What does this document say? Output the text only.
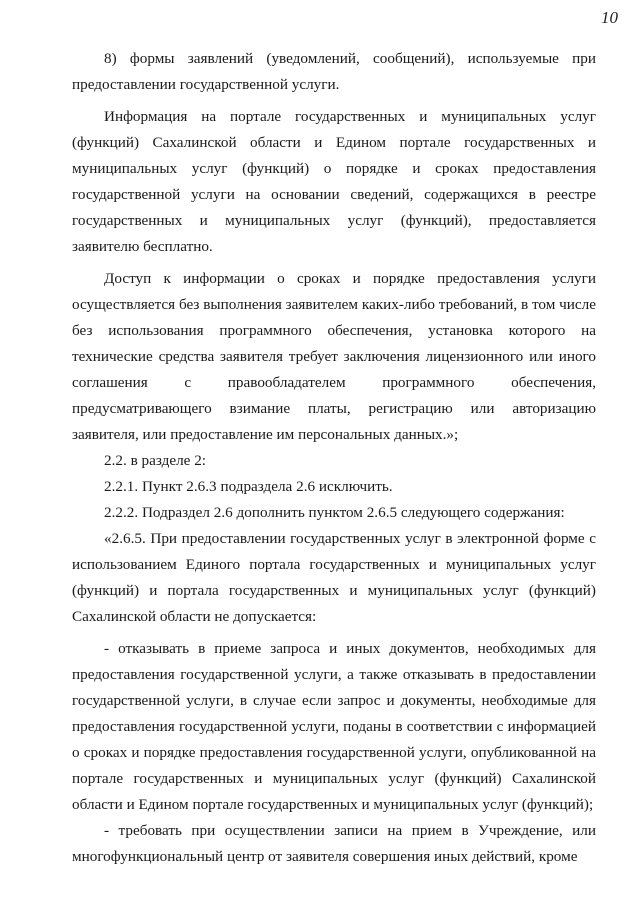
10

8) формы заявлений (уведомлений, сообщений), используемые при предоставлении государственной услуги.

Информация на портале государственных и муниципальных услуг (функций) Сахалинской области и Едином портале государственных и муниципальных услуг (функций) о порядке и сроках предоставления государственной услуги на основании сведений, содержащихся в реестре государственных и муниципальных услуг (функций), предоставляется заявителю бесплатно.

Доступ к информации о сроках и порядке предоставления услуги осуществляется без выполнения заявителем каких-либо требований, в том числе без использования программного обеспечения, установка которого на технические средства заявителя требует заключения лицензионного или иного соглашения с правообладателем программного обеспечения, предусматривающего взимание платы, регистрацию или авторизацию заявителя, или предоставление им персональных данных.»;

2.2. в разделе 2:

2.2.1. Пункт 2.6.3 подраздела 2.6 исключить.

2.2.2. Подраздел 2.6 дополнить пунктом 2.6.5 следующего содержания:

«2.6.5. При предоставлении государственных услуг в электронной форме с использованием Единого портала государственных и муниципальных услуг (функций) и портала государственных и муниципальных услуг (функций) Сахалинской области не допускается:

- отказывать в приеме запроса и иных документов, необходимых для предоставления государственной услуги, а также отказывать в предоставлении государственной услуги, в случае если запрос и документы, необходимые для предоставления государственной услуги, поданы в соответствии с информацией о сроках и порядке предоставления государственной услуги, опубликованной на портале государственных и муниципальных услуг (функций) Сахалинской области и Едином портале государственных и муниципальных услуг (функций);

- требовать при осуществлении записи на прием в Учреждение, или многофункциональный центр от заявителя совершения иных действий, кроме
